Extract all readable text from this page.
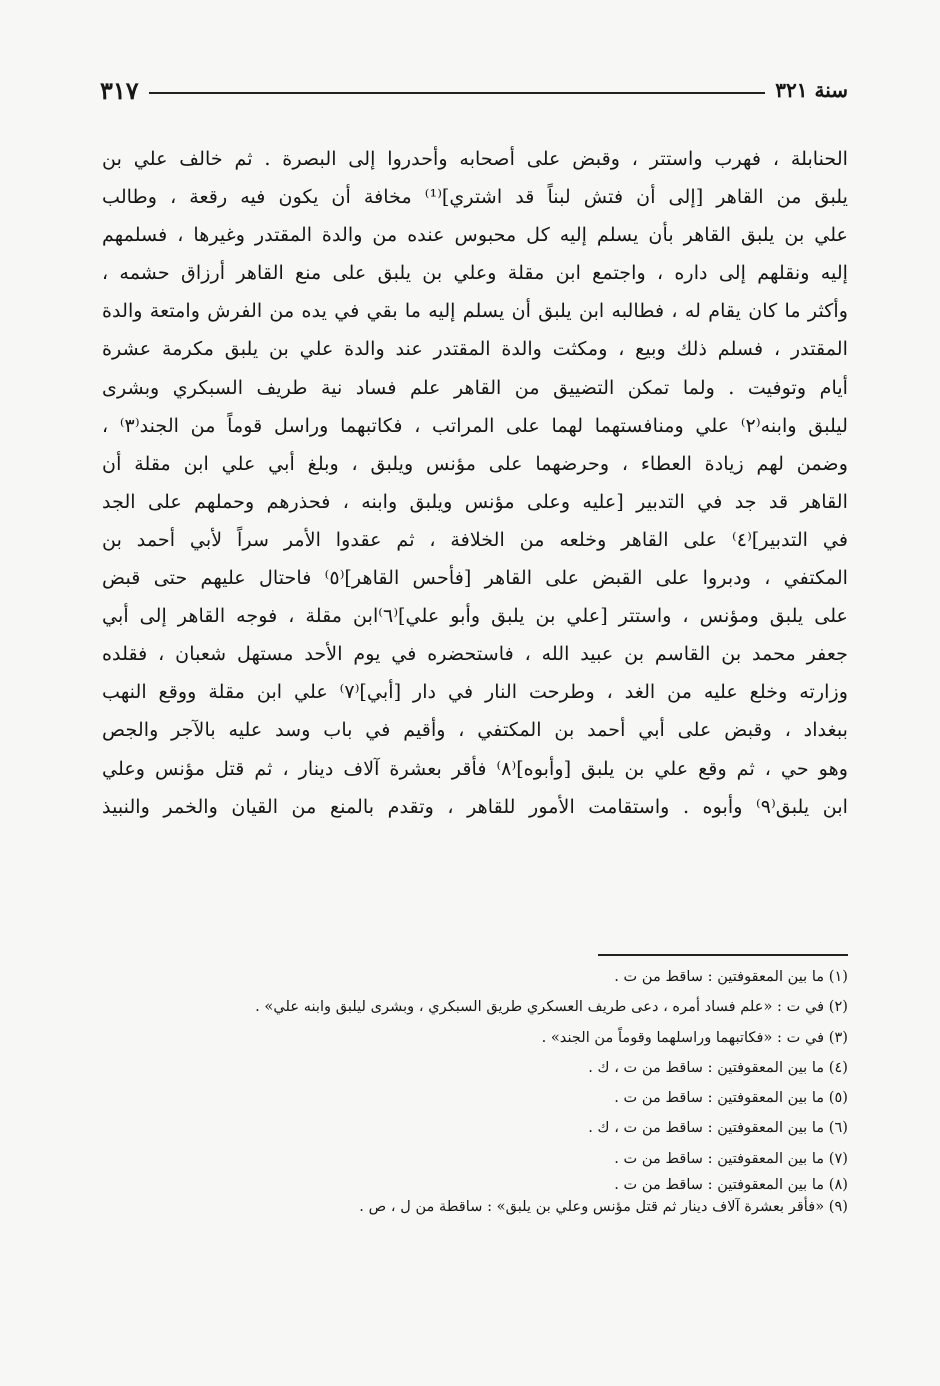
سنة ٣٢١
٣١٧
الحنابلة ، فهرب واستتر ، وقبض على أصحابه وأحدروا إلى البصرة . ثم خالف علي بن
يلبق من القاهر [إلى أن فتش لبناً قد اشتري]⁽¹⁾ مخافة أن يكون فيه رقعة ، وطالب
علي بن يلبق القاهر بأن يسلم إليه كل محبوس عنده من والدة المقتدر وغيرها ، فسلمهم
إليه ونقلهم إلى داره ، واجتمع ابن مقلة وعلي بن يلبق على منع القاهر أرزاق حشمه ،
وأكثر ما كان يقام له ، فطالبه ابن يلبق أن يسلم إليه ما بقي في يده من الفرش وامتعة والدة
المقتدر ، فسلم ذلك وبيع ، ومكثت والدة المقتدر عند والدة علي بن يلبق مكرمة عشرة
أيام وتوفيت . ولما تمكن التضييق من القاهر علم فساد نية طريف السبكري وبشرى
ليلبق وابنه⁽٢⁾ علي ومنافستهما لهما على المراتب ، فكاتبهما وراسل قوماً من الجند⁽٣⁾ ،
وضمن لهم زيادة العطاء ، وحرضهما على مؤنس ويلبق ، وبلغ أبي علي ابن مقلة أن
القاهر قد جد في التدبير [عليه وعلى مؤنس ويلبق وابنه ، فحذرهم وحملهم على الجد
في التدبير]⁽٤⁾ على القاهر وخلعه من الخلافة ، ثم عقدوا الأمر سراً لأبي أحمد بن
المكتفي ، ودبروا على القبض على القاهر [فأحس القاهر]⁽٥⁾ فاحتال عليهم حتى قبض
على يلبق ومؤنس ، واستتر [علي بن يلبق وأبو علي]⁽٦⁾ابن مقلة ، فوجه القاهر إلى أبي
جعفر محمد بن القاسم بن عبيد الله ، فاستحضره في يوم الأحد مستهل شعبان ، فقلده
وزارته وخلع عليه من الغد ، وطرحت النار في دار [أبي]⁽٧⁾ علي ابن مقلة ووقع النهب
ببغداد ، وقبض على أبي أحمد بن المكتفي ، وأقيم في باب وسد عليه بالآجر والجص
وهو حي ، ثم وقع علي بن يلبق [وأبوه]⁽٨⁾ فأقر بعشرة آلاف دينار ، ثم قتل مؤنس وعلي
ابن يلبق⁽٩⁾ وأبوه . واستقامت الأمور للقاهر ، وتقدم بالمنع من القيان والخمر والنبيذ
(١) ما بين المعقوفتين : ساقط من ت .
(٢) في ت : «علم فساد أمره ، دعى طريف العسكري طريق السبكري ، وبشرى ليلبق وابنه علي» .
(٣) في ت : «فكاتبهما وراسلهما وقوماً من الجند» .
(٤) ما بين المعقوفتين : ساقط من ت ، ك .
(٥) ما بين المعقوفتين : ساقط من ت .
(٦) ما بين المعقوفتين : ساقط من ت ، ك .
(٧) ما بين المعقوفتين : ساقط من ت .
(٨) ما بين المعقوفتين : ساقط من ت .
(٩) «فأقر بعشرة آلاف دينار ثم قتل مؤنس وعلي بن يلبق» : ساقطة من ل ، ص .
